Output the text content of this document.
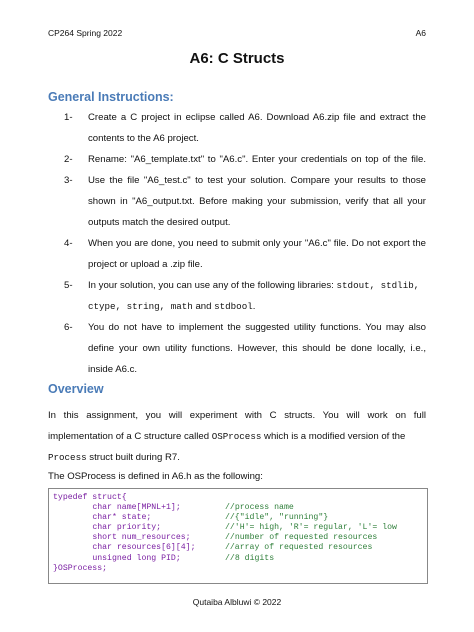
CP264 Spring 2022	A6
A6: C Structs
General Instructions:
1- Create a C project in eclipse called A6. Download A6.zip file and extract the
contents to the A6 project.
2- Rename: "A6_template.txt" to "A6.c". Enter your credentials on top of the file.
3- Use the file "A6_test.c" to test your solution. Compare your results to those
shown in "A6_output.txt. Before making your submission, verify that all your
outputs match the desired output.
4- When you are done, you need to submit only your "A6.c" file. Do not export the
project or upload a .zip file.
5- In your solution, you can use any of the following libraries: stdout, stdlib,
ctype, string, math and stdbool.
6- You do not have to implement the suggested utility functions. You may also
define your own utility functions. However, this should be done locally, i.e.,
inside A6.c.
Overview
In this assignment, you will experiment with C structs. You will work on full
implementation of a C structure called OSProcess which is a modified version of the
Process struct built during R7.
The OSProcess is defined in A6.h as the following:
typedef struct{
char name[MPNL+1];	//process name
char* state;	//{"idle", "running"}
char priority;	//'H'= high, 'R'= regular, 'L'= low
short num_resources;	//number of requested resources
char resources[6][4];	//array of requested resources
unsigned long PID;	//8 digits
}OSProcess;
Qutaiba Albluwi © 2022
